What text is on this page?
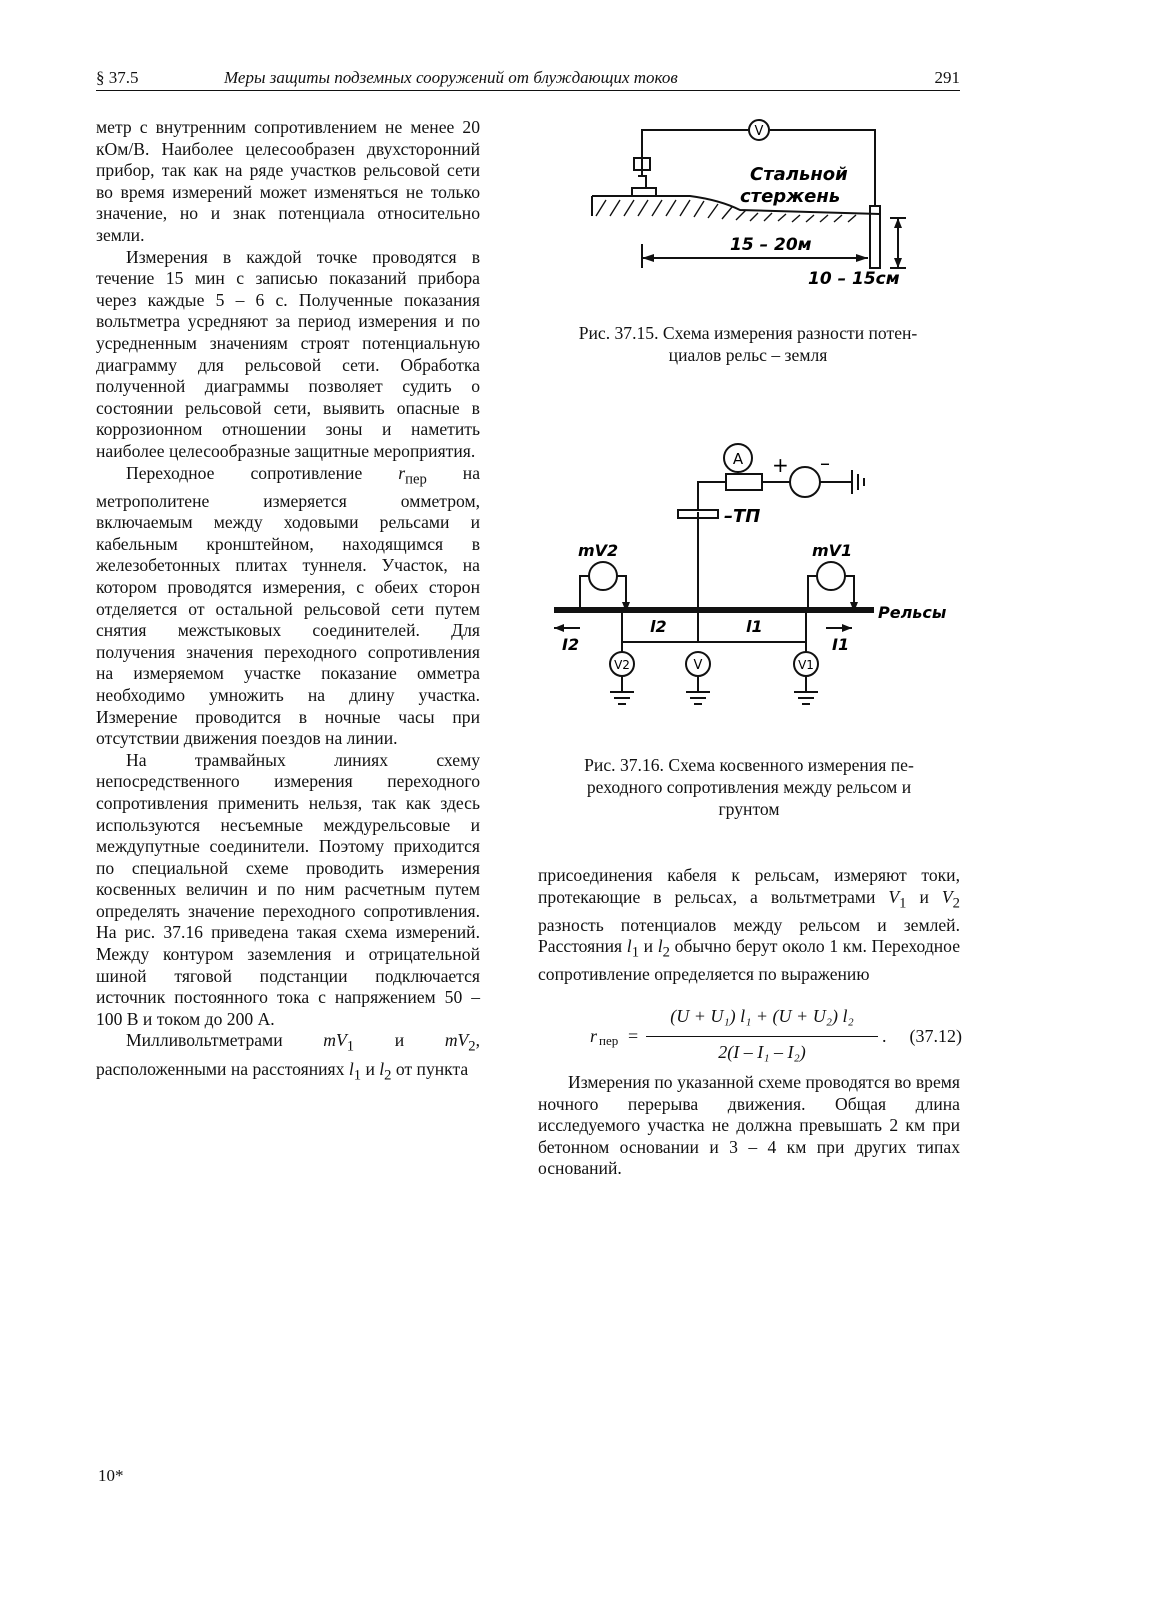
§ 37.5	Меры защиты подземных сооружений от блуждающих токов	291

метр с внутренним сопротивлением не менее 20 кОм/В. Наиболее целесообразен двухсторонний прибор, так как на ряде участков рельсовой сети во время измерений может изменяться не только значение, но и знак потенциала относительно земли.

Измерения в каждой точке проводятся в течение 15 мин с записью показаний прибора через каждые 5 – 6 с. Полученные показания вольтметра усредняют за период измерения и по усредненным значениям строят потенциальную диаграмму для рельсовой сети. Обработка полученной диаграммы позволяет судить о состоянии рельсовой сети, выявить опасные в коррозионном отношении зоны и наметить наиболее целесообразные защитные мероприятия.

Переходное сопротивление $r_{пер}$ на метрополитене измеряется омметром, включаемым между ходовыми рельсами и кабельным кронштейном, находящимся в железобетонных плитах туннеля. Участок, на котором проводятся измерения, с обеих сторон отделяется от остальной рельсовой сети путем снятия межстыковых соединителей. Для получения значения переходного сопротивления на измеряемом участке показание омметра необходимо умножить на длину участка. Измерение проводится в ночные часы при отсутствии движения поездов на линии.

На трамвайных линиях схему непосредственного измерения переходного сопротивления применить нельзя, так как здесь используются несъемные междурельсовые и междупутные соединители. Поэтому приходится по специальной схеме проводить измерения косвенных величин и по ним расчетным путем определять значение переходного сопротивления. На рис. 37.16 приведена такая схема измерений. Между контуром заземления и отрицательной шиной тяговой подстанции подключается источник постоянного тока с напряжением 50 – 100 В и током до 200 А.

Милливольтметрами $mV_1$ и $mV_2$, расположенными на расстояниях $l_1$ и $l_2$ от пункта

V
Стальной
стержень
15 – 20м
10 – 15см
Рис. 37.15. Схема измерения разности потен-
циалов рельс – земля
A + –
–ТП
mV2	mV1
Рельсы
I2	I1
l2	l1
V2	V	V1
Рис. 37.16. Схема косвенного измерения пе-
реходного сопротивления между рельсом и
грунтом

присоединения кабеля к рельсам, измеряют токи, протекающие в рельсах, а вольтметрами $V_1$ и $V_2$ разность потенциалов между рельсом и землей. Расстояния $l_1$ и $l_2$ обычно берут около 1 км. Переходное сопротивление определяется по выражению

r пер =
(U + U₁) l₁ + (U + U₂) l₂
2(I – I₁ – I₂)
. (37.12)

Измерения по указанной схеме проводятся во время ночного перерыва движения. Общая длина исследуемого участка не должна превышать 2 км при бетонном основании и 3 – 4 км при других типах оснований.

10*
